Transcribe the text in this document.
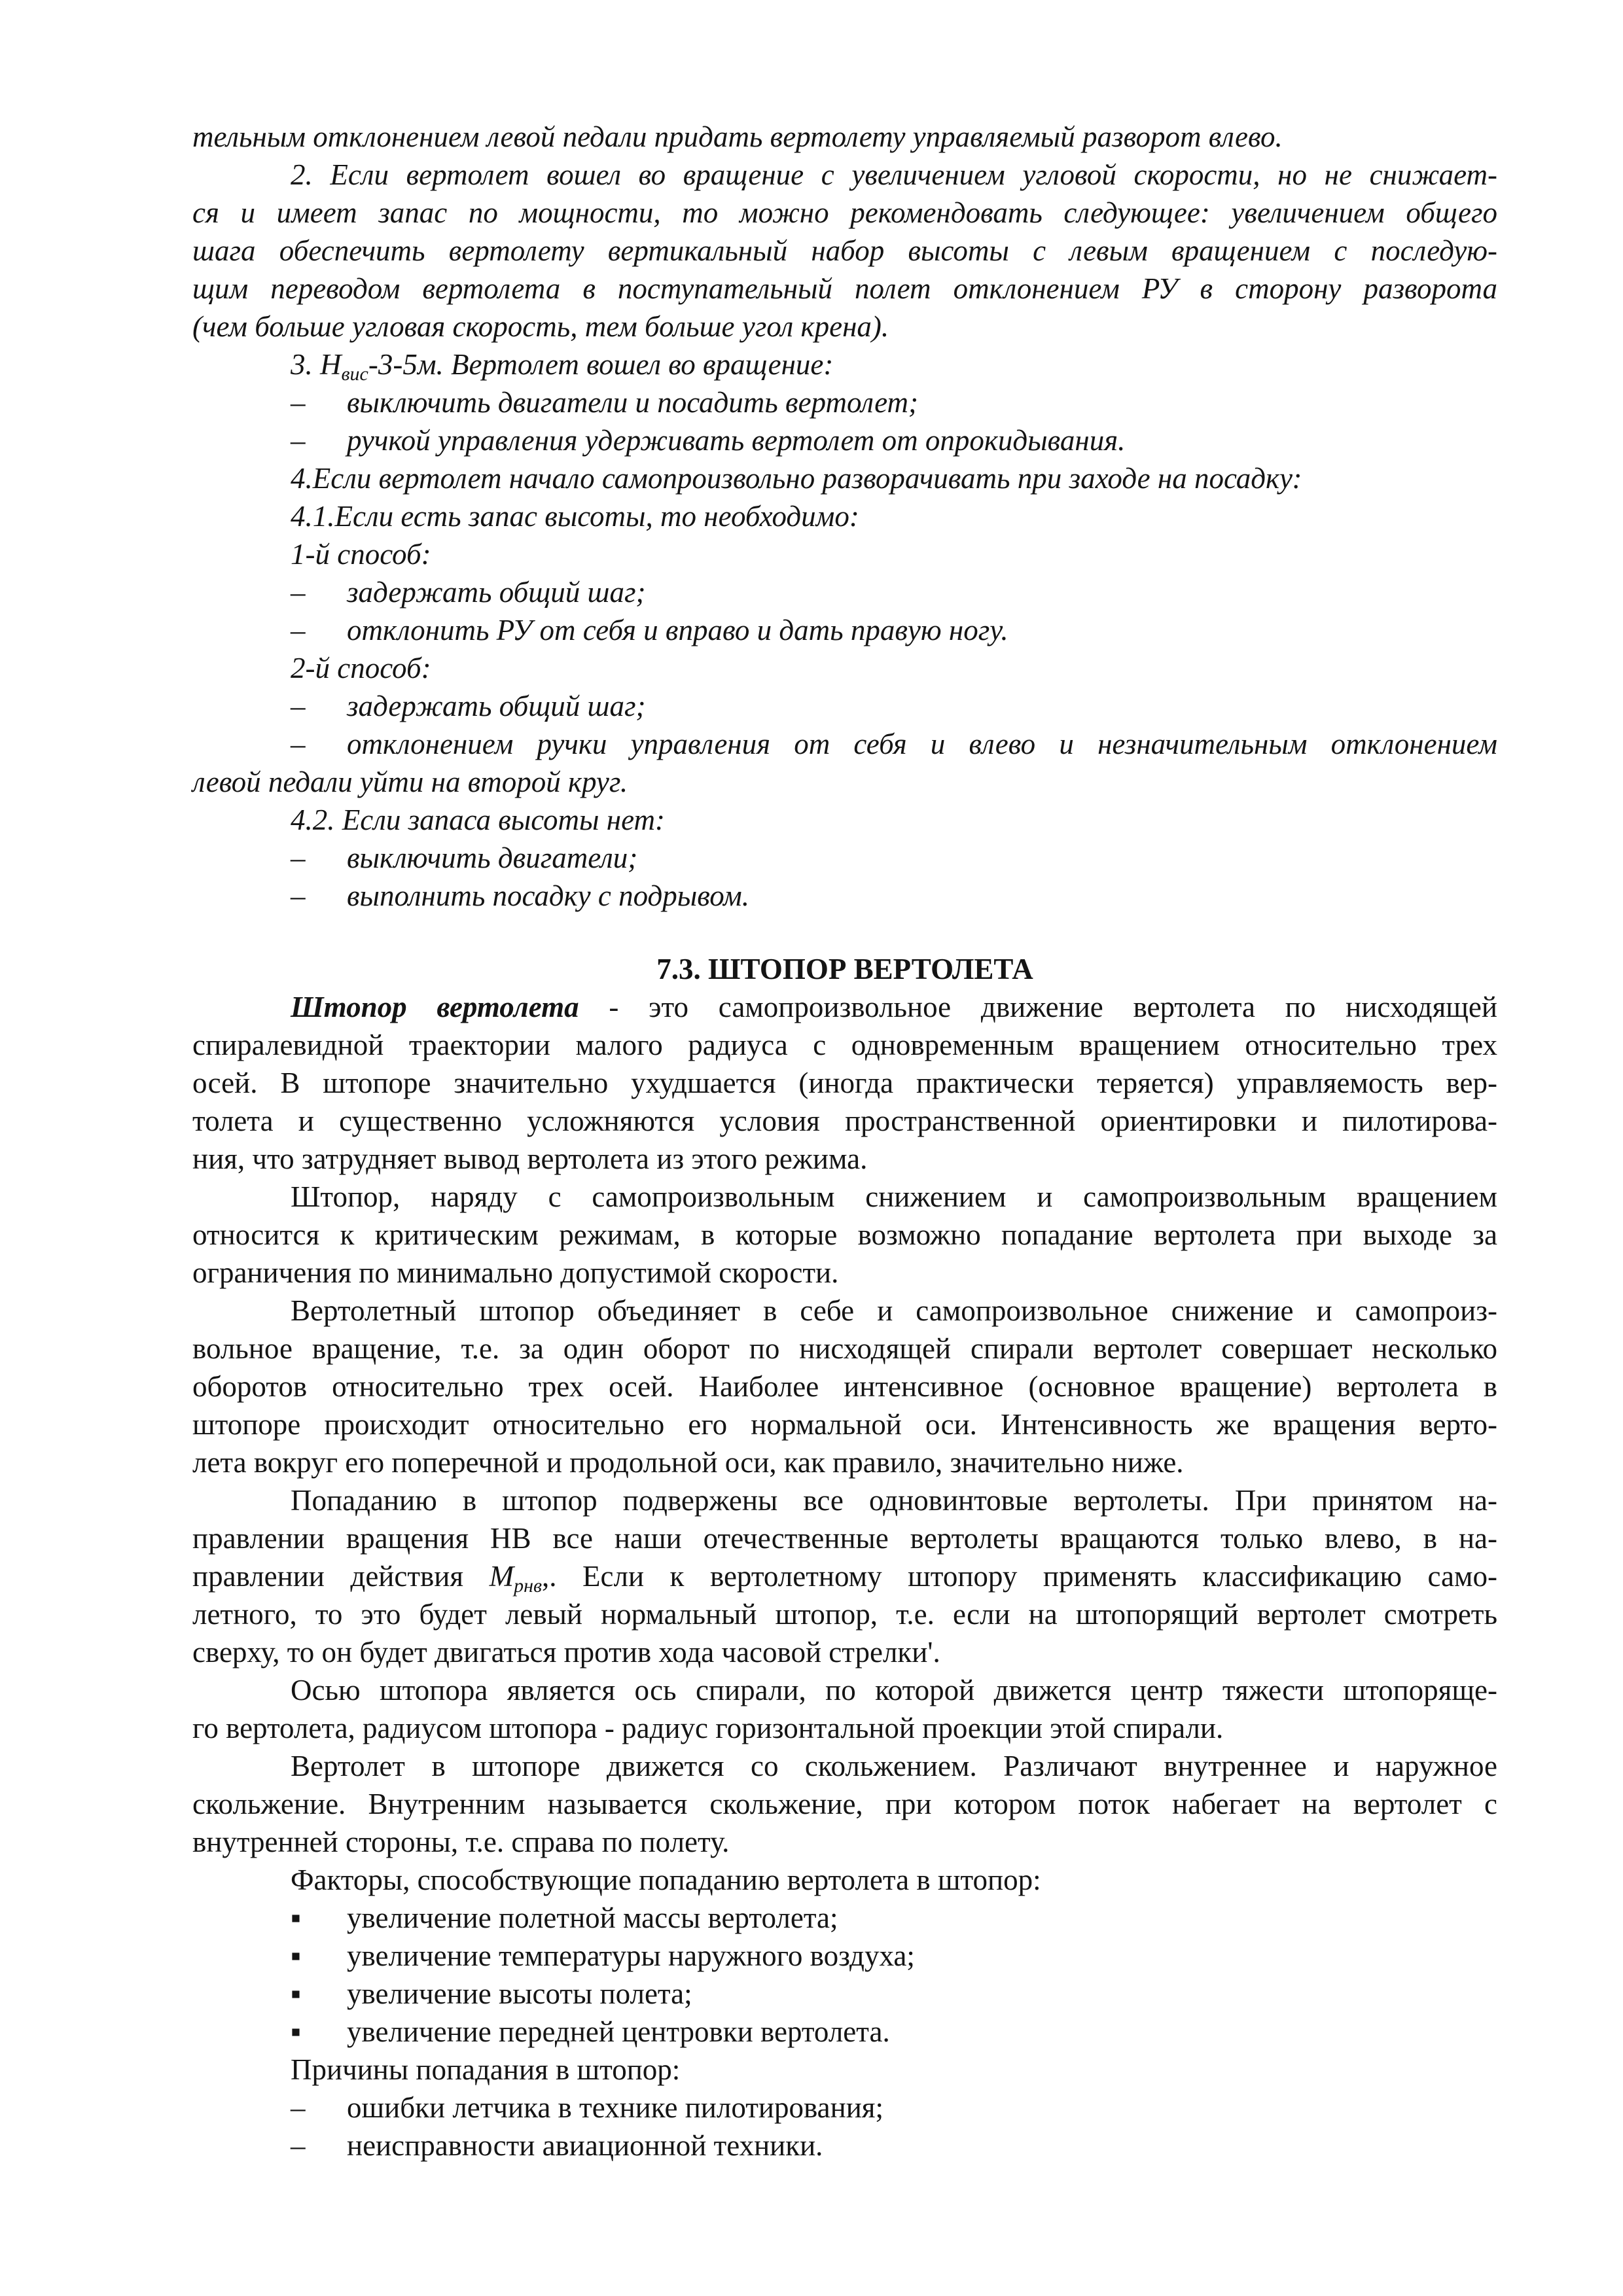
тельным отклонением левой педали придать вертолету управляемый разворот влево.
2. Если вертолет вошел во вращение с увеличением угловой скорости, но не снижает-
ся и имеет запас по мощности, то можно рекомендовать следующее: увеличением общего
шага обеспечить вертолету вертикальный набор высоты с левым вращением с последую-
щим переводом вертолета в поступательный полет отклонением РУ в сторону разворота
(чем больше угловая скорость, тем больше угол крена).
3. $H_{вис}-3-5м$. Вертолет вошел во вращение:
– выключить двигатели и посадить вертолет;
– ручкой управления удерживать вертолет от опрокидывания.
4.Если вертолет начало самопроизвольно разворачивать при заходе на посадку:
4.1.Если есть запас высоты, то необходимо:
1-й способ:
– задержать общий шаг;
– отклонить РУ от себя и вправо и дать правую ногу.
2-й способ:
– задержать общий шаг;
– отклонением ручки управления от себя и влево и незначительным отклонением
левой педали уйти на второй круг.
4.2. Если запаса высоты нет:
– выключить двигатели;
– выполнить посадку с подрывом.
7.3. ШТОПОР ВЕРТОЛЕТА
Штопор вертолета - это самопроизвольное движение вертолета по нисходящей
спиралевидной траектории малого радиуса с одновременным вращением относительно трех
осей. В штопоре значительно ухудшается (иногда практически теряется) управляемость вер-
толета и существенно усложняются условия пространственной ориентировки и пилотирова-
ния, что затрудняет вывод вертолета из этого режима.
Штопор, наряду с самопроизвольным снижением и самопроизвольным вращением
относится к критическим режимам, в которые возможно попадание вертолета при выходе за
ограничения по минимально допустимой скорости.
Вертолетный штопор объединяет в себе и самопроизвольное снижение и самопроиз-
вольное вращение, т.е. за один оборот по нисходящей спирали вертолет совершает несколько
оборотов относительно трех осей. Наиболее интенсивное (основное вращение) вертолета в
штопоре происходит относительно его нормальной оси. Интенсивность же вращения верто-
лета вокруг его поперечной и продольной оси, как правило, значительно ниже.
Попаданию в штопор подвержены все одновинтовые вертолеты. При принятом на-
правлении вращения НВ все наши отечественные вертолеты вращаются только влево, в на-
правлении действия $M_{рнв}$,. Если к вертолетному штопору применять классификацию само-
летного, то это будет левый нормальный штопор, т.е. если на штопорящий вертолет смотреть
сверху, то он будет двигаться против хода часовой стрелки'.
Осью штопора является ось спирали, по которой движется центр тяжести штопоряще-
го вертолета, радиусом штопора - радиус горизонтальной проекции этой спирали.
Вертолет в штопоре движется со скольжением. Различают внутреннее и наружное
скольжение. Внутренним называется скольжение, при котором поток набегает на вертолет с
внутренней стороны, т.е. справа по полету.
Факторы, способствующие попаданию вертолета в штопор:
▪ увеличение полетной массы вертолета;
▪ увеличение температуры наружного воздуха;
▪ увеличение высоты полета;
▪ увеличение передней центровки вертолета.
Причины попадания в штопор:
– ошибки летчика в технике пилотирования;
– неисправности авиационной техники.
